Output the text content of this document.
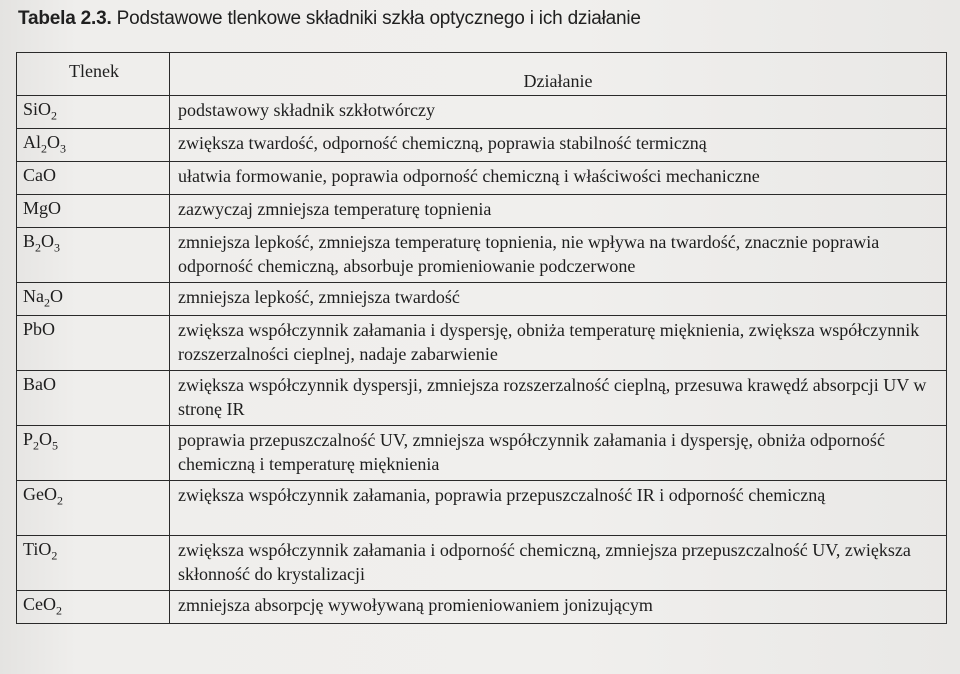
Tabela 2.3. Podstawowe tlenkowe składniki szkła optycznego i ich działanie
Tlenek	Działanie
SiO$_2$	podstawowy składnik szkłotwórczy
$Al_2O_3$	zwiększa twardość, odporność chemiczną, poprawia stabilność termiczną
CaO	ułatwia formowanie, poprawia odporność chemiczną i właściwości mechaniczne
MgO	zazwyczaj zmniejsza temperaturę topnienia
$B_2O_3$	zmniejsza lepkość, zmniejsza temperaturę topnienia, nie wpływa na twardość, znacznie poprawia odporność chemiczną, absorbuje promieniowanie podczerwone
$Na_2O$	zmniejsza lepkość, zmniejsza twardość
PbO	zwiększa współczynnik załamania i dyspersję, obniża temperaturę mięknienia, zwiększa współczynnik rozszerzalności cieplnej, nadaje zabarwienie
BaO	zwiększa współczynnik dyspersji, zmniejsza rozszerzalność cieplną, przesuwa krawędź absorpcji UV w stronę IR
$P_2O_5$	poprawia przepuszczalność UV, zmniejsza współczynnik załamania i dyspersję, obniża odporność chemiczną i temperaturę mięknienia
GeO$_2$	zwiększa współczynnik załamania, poprawia przepuszczalność IR i odporność chemiczną
TiO$_2$	zwiększa współczynnik załamania i odporność chemiczną, zmniejsza przepuszczalność UV, zwiększa skłonność do krystalizacji
CeO$_2$	zmniejsza absorpcję wywoływaną promieniowaniem jonizującym
